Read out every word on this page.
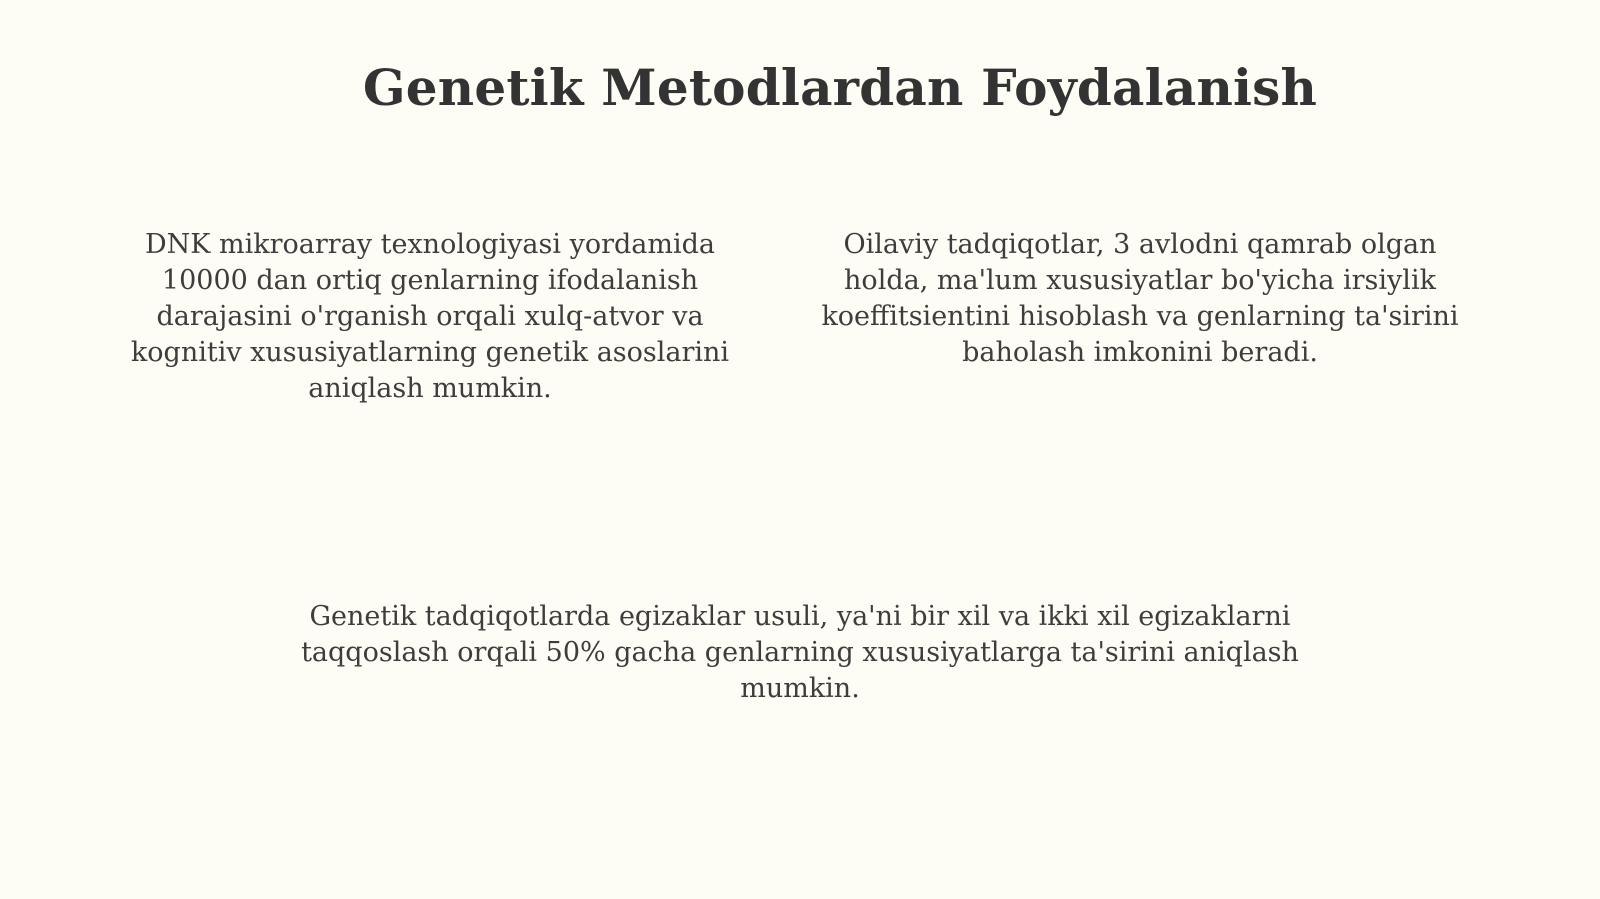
Genetik Metodlardan Foydalanish

DNK mikroarray texnologiyasi yordamida 10000 dan ortiq genlarning ifodalanish darajasini o'rganish orqali xulq-atvor va kognitiv xususiyatlarning genetik asoslarini aniqlash mumkin.

Oilaviy tadqiqotlar, 3 avlodni qamrab olgan holda, ma'lum xususiyatlar bo'yicha irsiylik koeffitsientini hisoblash va genlarning ta'sirini baholash imkonini beradi.

Genetik tadqiqotlarda egizaklar usuli, ya'ni bir xil va ikki xil egizaklarni taqqoslash orqali 50% gacha genlarning xususiyatlarga ta'sirini aniqlash mumkin.
